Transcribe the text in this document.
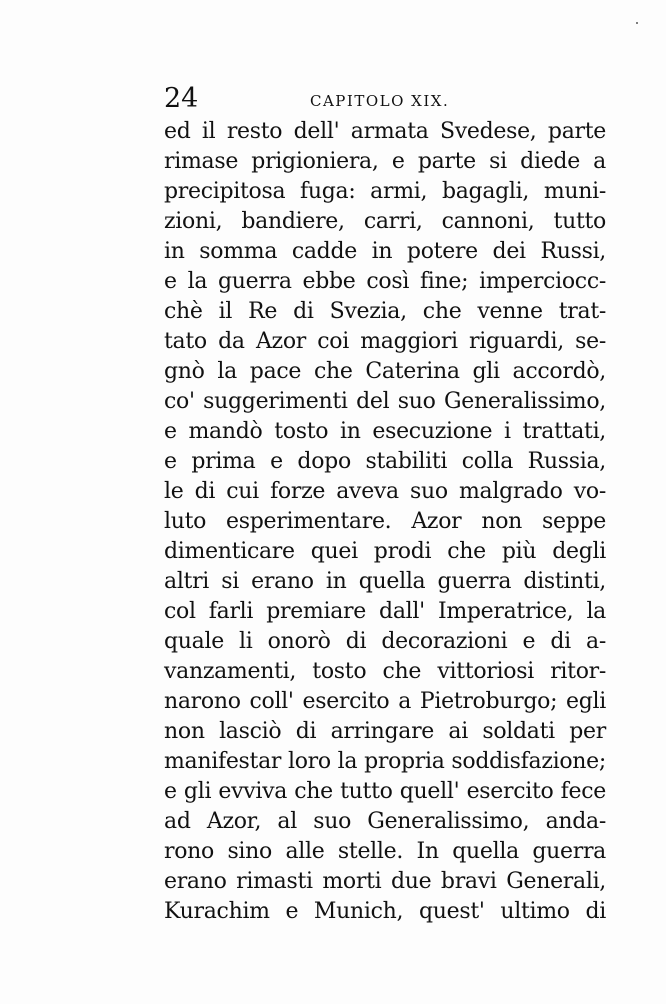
24	CAPITOLO XIX.
ed il resto dell' armata Svedese, parte
rimase prigioniera, e parte si diede a
precipitosa fuga: armi, bagagli, muni-
zioni, bandiere, carri, cannoni, tutto
in somma cadde in potere dei Russi,
e la guerra ebbe così fine; imperciocc-
chè il Re di Svezia, che venne trat-
tato da Azor coi maggiori riguardi, se-
gnò la pace che Caterina gli accordò,
co' suggerimenti del suo Generalissimo,
e mandò tosto in esecuzione i trattati,
e prima e dopo stabiliti colla Russia,
le di cui forze aveva suo malgrado vo-
luto esperimentare. Azor non seppe
dimenticare quei prodi che più degli
altri si erano in quella guerra distinti,
col farli premiare dall' Imperatrice, la
quale li onorò di decorazioni e di a-
vanzamenti, tosto che vittoriosi ritor-
narono coll' esercito a Pietroburgo; egli
non lasciò di arringare ai soldati per
manifestar loro la propria soddisfazione;
e gli evviva che tutto quell' esercito fece
ad Azor, al suo Generalissimo, anda-
rono sino alle stelle. In quella guerra
erano rimasti morti due bravi Generali,
Kurachim e Munich, quest' ultimo di
